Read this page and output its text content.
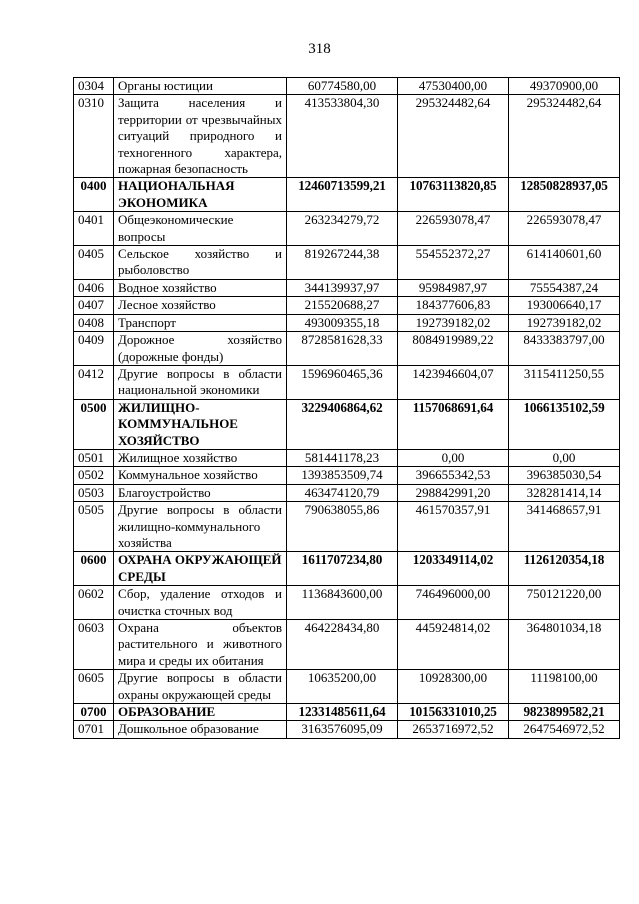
318
0304	Органы юстиции	60774580,00	47530400,00	49370900,00
0310	Защита населения и территории от чрезвычайных ситуаций природного и техногенного характера, пожарная безопасность	413533804,30	295324482,64	295324482,64
0400	НАЦИОНАЛЬНАЯ ЭКОНОМИКА	12460713599,21	10763113820,85	12850828937,05
0401	Общеэкономические вопросы	263234279,72	226593078,47	226593078,47
0405	Сельское хозяйство и рыболовство	819267244,38	554552372,27	614140601,60
0406	Водное хозяйство	344139937,97	95984987,97	75554387,24
0407	Лесное хозяйство	215520688,27	184377606,83	193006640,17
0408	Транспорт	493009355,18	192739182,02	192739182,02
0409	Дорожное хозяйство (дорожные фонды)	8728581628,33	8084919989,22	8433383797,00
0412	Другие вопросы в области национальной экономики	1596960465,36	1423946604,07	3115411250,55
0500	ЖИЛИЩНО-КОММУНАЛЬНОЕ ХОЗЯЙСТВО	3229406864,62	1157068691,64	1066135102,59
0501	Жилищное хозяйство	581441178,23	0,00	0,00
0502	Коммунальное хозяйство	1393853509,74	396655342,53	396385030,54
0503	Благоустройство	463474120,79	298842991,20	328281414,14
0505	Другие вопросы в области жилищно-коммунального хозяйства	790638055,86	461570357,91	341468657,91
0600	ОХРАНА ОКРУЖАЮЩЕЙ СРЕДЫ	1611707234,80	1203349114,02	1126120354,18
0602	Сбор, удаление отходов и очистка сточных вод	1136843600,00	746496000,00	750121220,00
0603	Охрана объектов растительного и животного мира и среды их обитания	464228434,80	445924814,02	364801034,18
0605	Другие вопросы в области охраны окружающей среды	10635200,00	10928300,00	11198100,00
0700	ОБРАЗОВАНИЕ	12331485611,64	10156331010,25	9823899582,21
0701	Дошкольное образование	3163576095,09	2653716972,52	2647546972,52
